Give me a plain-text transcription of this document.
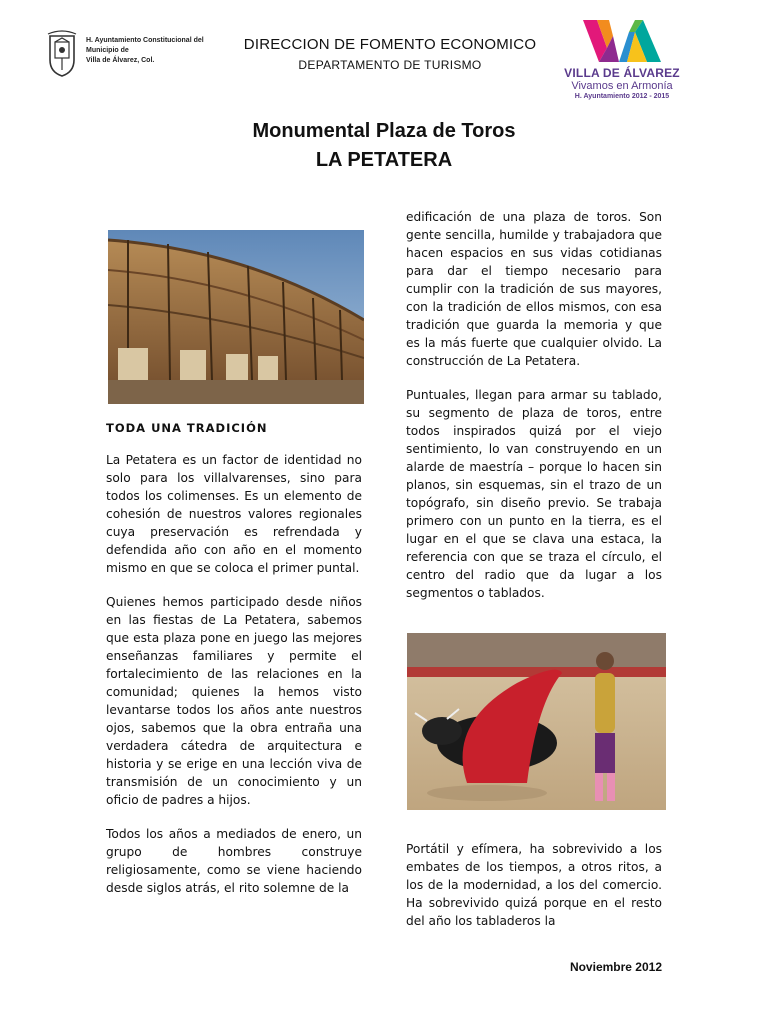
H. Ayuntamiento Constitucional del
Municipio de
Villa de Álvarez, Col.
DIRECCION DE FOMENTO ECONOMICO
DEPARTAMENTO DE TURISMO
VILLA DE ÁLVAREZ
Vivamos en Armonía
H. Ayuntamiento 2012 - 2015
Monumental Plaza de Toros
LA PETATERA
TODA UNA TRADICIÓN

La Petatera es un factor de identidad no solo para los villalvarenses, sino para todos los colimenses. Es un elemento de cohesión de nuestros valores regionales cuya preservación es refrendada y defendida año con año en el momento mismo en que se coloca el primer puntal.

Quienes hemos participado desde niños en las fiestas de La Petatera, sabemos que esta plaza pone en juego las mejores enseñanzas familiares y permite el fortalecimiento de las relaciones en la comunidad; quienes la hemos visto levantarse todos los años ante nuestros ojos, sabemos que la obra entraña una verdadera cátedra de arquitectura e historia y se erige en una lección viva de transmisión de un conocimiento y un oficio de padres a hijos.

Todos los años a mediados de enero, un grupo de hombres construye religiosamente, como se viene haciendo desde siglos atrás, el rito solemne de la

edificación de una plaza de toros. Son gente sencilla, humilde y trabajadora que hacen espacios en sus vidas cotidianas para dar el tiempo necesario para cumplir con la tradición de sus mayores, con la tradición de ellos mismos, con esa tradición que guarda la memoria y que es la más fuerte que cualquier olvido. La construcción de La Petatera.

Puntuales, llegan para armar su tablado, su segmento de plaza de toros, entre todos inspirados quizá por el viejo sentimiento, lo van construyendo en un alarde de maestría – porque lo hacen sin planos, sin esquemas, sin el trazo de un topógrafo, sin diseño previo. Se trabaja primero con un punto en la tierra, es el lugar en el que se clava una estaca, la referencia con que se traza el círculo, el centro del radio que da lugar a los segmentos o tablados.

Portátil y efímera, ha sobrevivido a los embates de los tiempos, a otros ritos, a los de la modernidad, a los del comercio. Ha sobrevivido quizá porque en el resto del año los tabladeros la

Noviembre 2012
